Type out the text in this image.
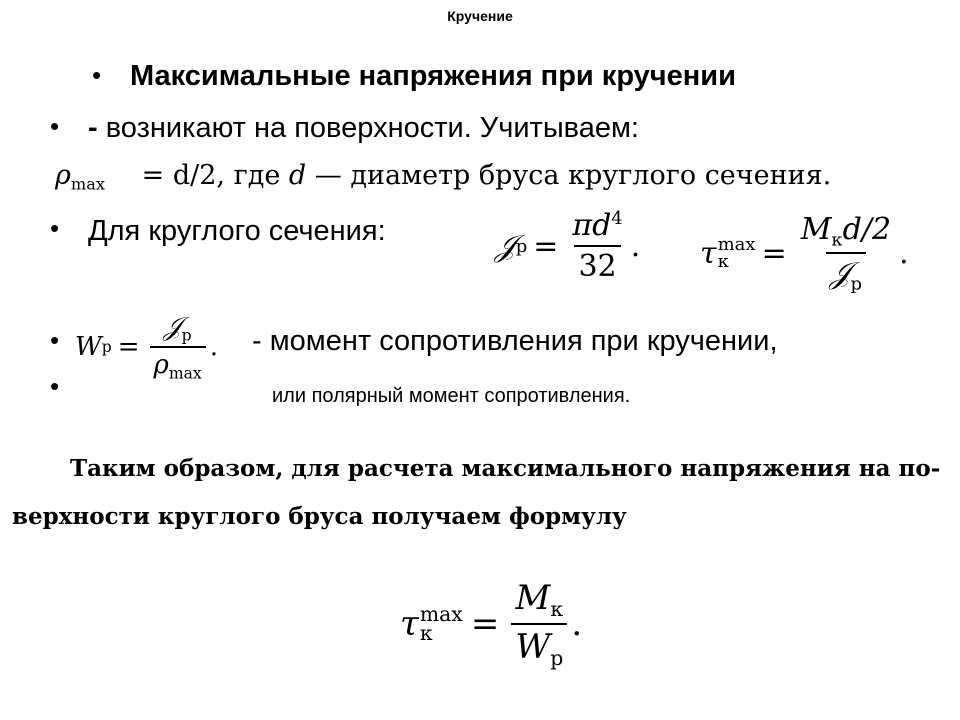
Кручение
• Максимальные напряжения при кручении
• - возникают на поверхности. Учитываем:
$\rho_{max} = d/2$, где d — диаметр бруса круглого сечения.
• Для круглого сечения:	𝒥 $p = \frac{\pi d^4}{32}$ . τ max
к	= $\frac{M_кd/2}{𝒥_p}$ .
• W $p = \frac{𝒥_p}{\rho_{max}}$ . - момент сопротивления при кручении,
•	или полярный момент сопротивления.
Таким образом, для расчета максимального напряжения на по-
верхности круглого бруса получаем формулу
τ max
к	= $\frac{M_к}{W_p}$ .
